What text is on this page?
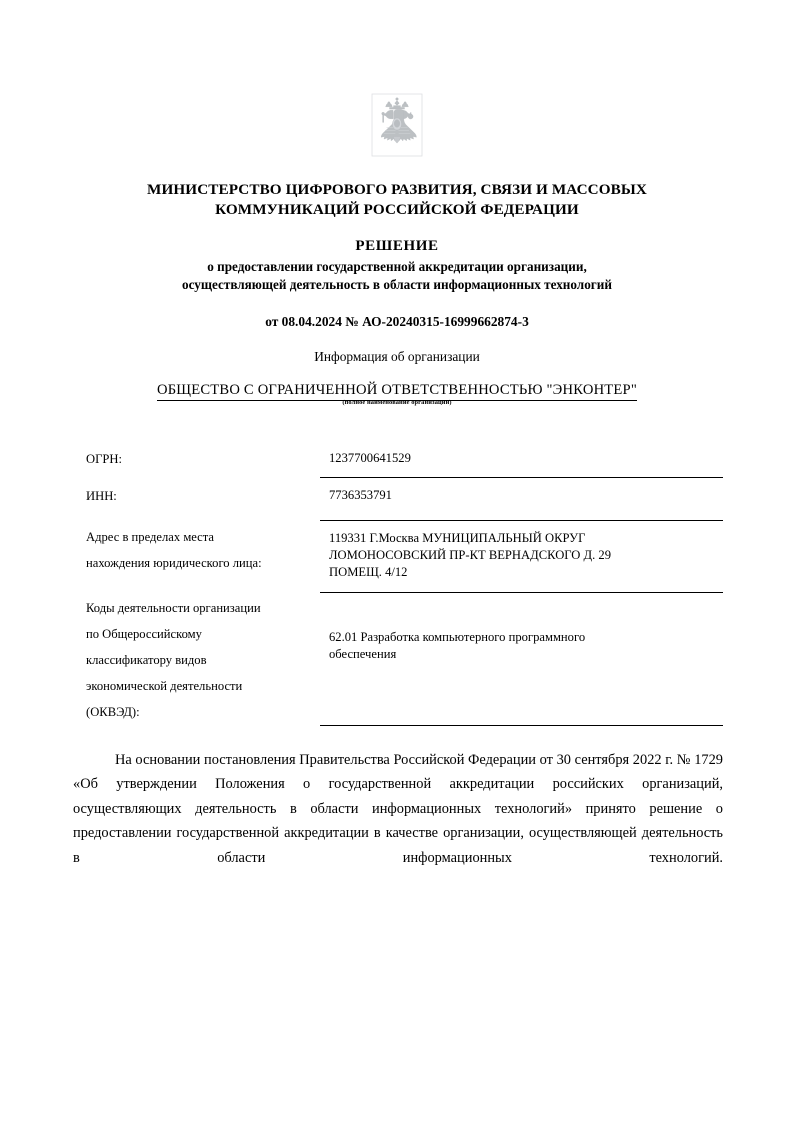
МИНИСТЕРСТВО ЦИФРОВОГО РАЗВИТИЯ, СВЯЗИ И МАССОВЫХ
КОММУНИКАЦИЙ РОССИЙСКОЙ ФЕДЕРАЦИИ
РЕШЕНИЕ
о предоставлении государственной аккредитации организации,
осуществляющей деятельность в области информационных технологий
от 08.04.2024 № АО-20240315-16999662874-3
Информация об организации
ОБЩЕСТВО С ОГРАНИЧЕННОЙ ОТВЕТСТВЕННОСТЬЮ "ЭНКОНТЕР"
(полное наименование организации)
ОГРН:	1237700641529
ИНН:	7736353791
Адрес в пределах места
нахождения юридического лица:
119331 Г.Москва МУНИЦИПАЛЬНЫЙ ОКРУГ
ЛОМОНОСОВСКИЙ ПР-КТ ВЕРНАДСКОГО Д. 29
ПОМЕЩ. 4/12
Коды деятельности организации
по Общероссийскому
классификатору видов
экономической деятельности
(ОКВЭД):
62.01 Разработка компьютерного программного
обеспечения
На основании постановления Правительства Российской Федерации от 30 сентября 2022 г. № 1729 «Об утверждении Положения о государственной аккредитации российских организаций, осуществляющих деятельность в области информационных технологий» принято решение о предоставлении государственной аккредитации в качестве организации, осуществляющей деятельность в области информационных технологий.
